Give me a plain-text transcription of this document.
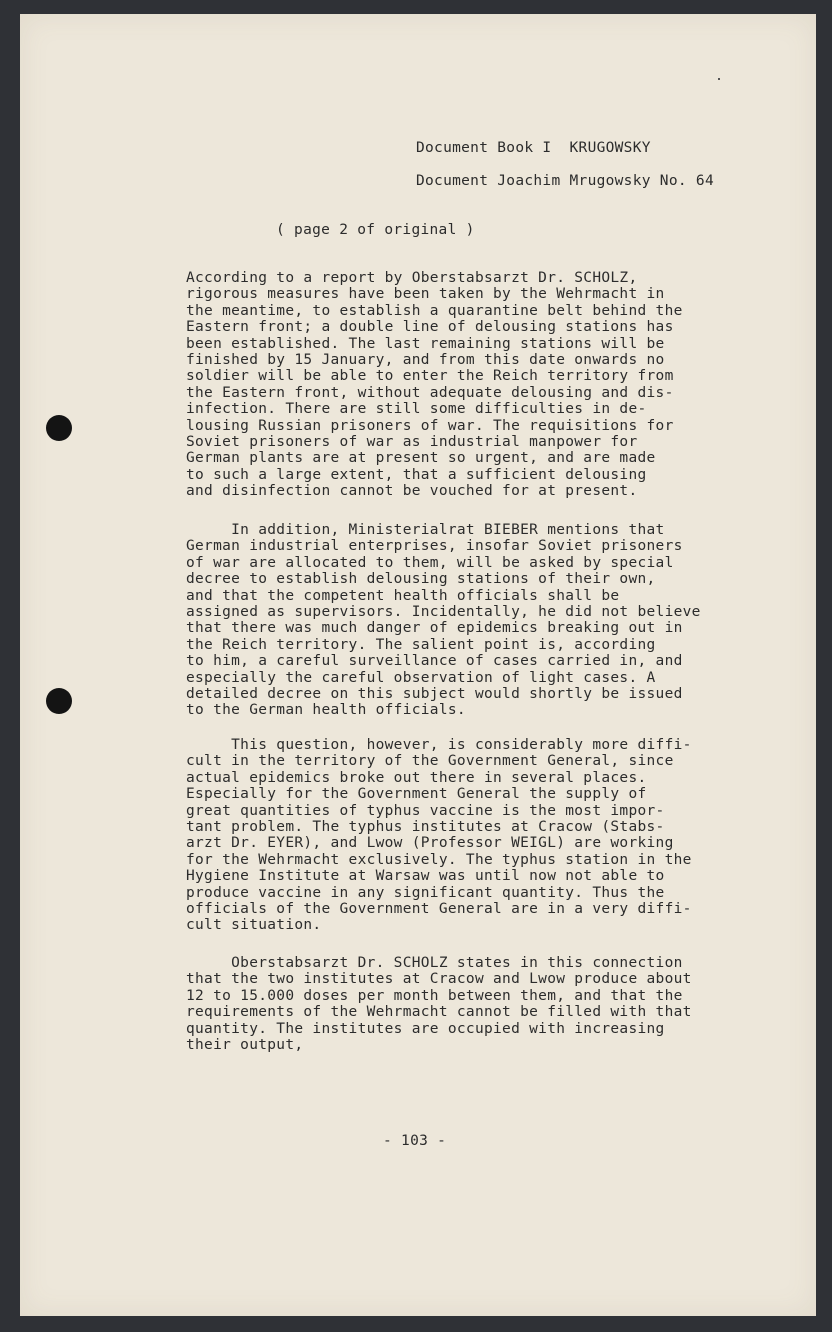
Document Book I  KRUGOWSKY
Document Joachim Mrugowsky No. 64
( page 2 of original )
According to a report by Oberstabsarzt Dr. SCHOLZ,
rigorous measures have been taken by the Wehrmacht in
the meantime, to establish a quarantine belt behind the
Eastern front; a double line of delousing stations has
been established. The last remaining stations will be
finished by 15 January, and from this date onwards no
soldier will be able to enter the Reich territory from
the Eastern front, without adequate delousing and dis-
infection. There are still some difficulties in de-
lousing Russian prisoners of war. The requisitions for
Soviet prisoners of war as industrial manpower for
German plants are at present so urgent, and are made
to such a large extent, that a sufficient delousing
and disinfection cannot be vouched for at present.
In addition, Ministerialrat BIEBER mentions that
German industrial enterprises, insofar Soviet prisoners
of war are allocated to them, will be asked by special
decree to establish delousing stations of their own,
and that the competent health officials shall be
assigned as supervisors. Incidentally, he did not believe
that there was much danger of epidemics breaking out in
the Reich territory. The salient point is, according
to him, a careful surveillance of cases carried in, and
especially the careful observation of light cases. A
detailed decree on this subject would shortly be issued
to the German health officials.
This question, however, is considerably more diffi-
cult in the territory of the Government General, since
actual epidemics broke out there in several places.
Especially for the Government General the supply of
great quantities of typhus vaccine is the most impor-
tant problem. The typhus institutes at Cracow (Stabs-
arzt Dr. EYER), and Lwow (Professor WEIGL) are working
for the Wehrmacht exclusively. The typhus station in the
Hygiene Institute at Warsaw was until now not able to
produce vaccine in any significant quantity. Thus the
officials of the Government General are in a very diffi-
cult situation.
Oberstabsarzt Dr. SCHOLZ states in this connection
that the two institutes at Cracow and Lwow produce about
12 to 15.000 doses per month between them, and that the
requirements of the Wehrmacht cannot be filled with that
quantity. The institutes are occupied with increasing
their output,
- 103 -
